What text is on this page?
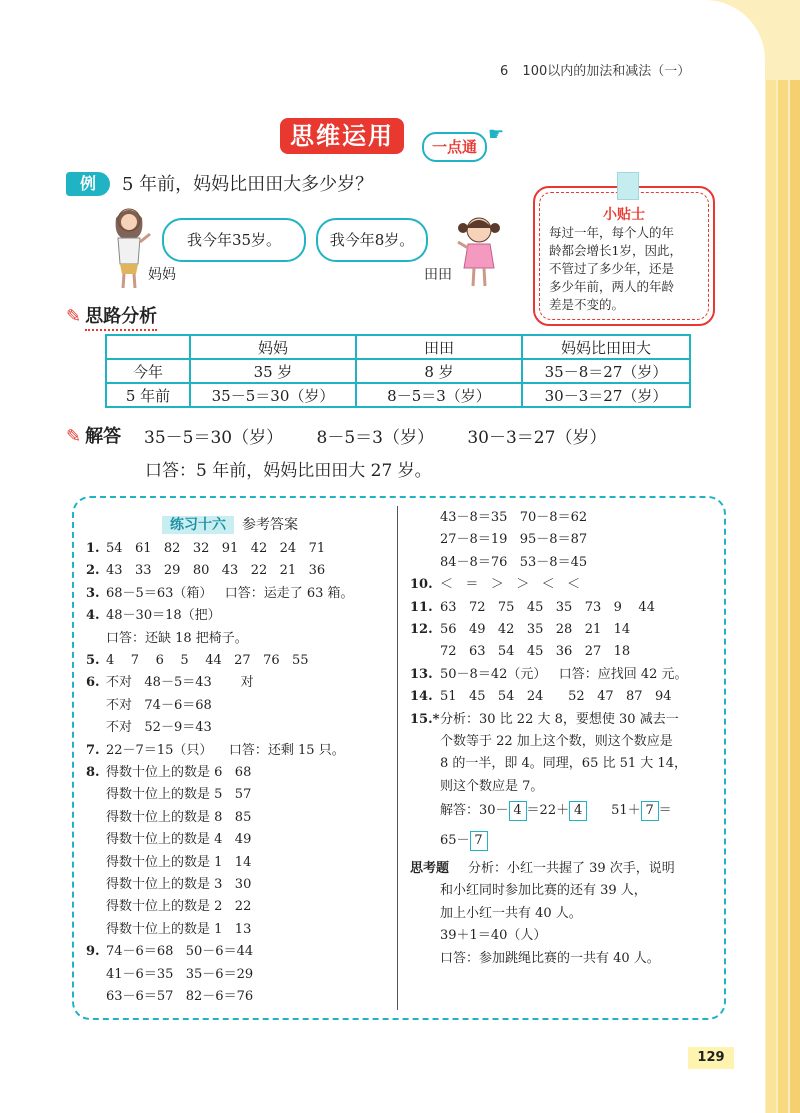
6 100以内的加法和减法（一）
思维运用	一点通
☛
例	5 年前，妈妈比田田大多少岁？
我今年35岁。	我今年8岁。
妈妈	田田
小贴士
每过一年，每个人的年
龄都会增长1岁，因此，
不管过了多少年，还是
多少年前，两人的年龄
差是不变的。
✎ 思路分析
	妈妈	田田	妈妈比田田大
今年	35 岁	8 岁	35－8＝27（岁）
5 年前	35－5＝30（岁）	8－5＝3（岁）	30－3＝27（岁）
✎ 解答 35－5＝30（岁） 8－5＝3（岁） 30－3＝27（岁）
口答：5 年前，妈妈比田田大 27 岁。
练习十六 参考答案
1. 54   61   82   32   91   42   24   71
2. 43   33   29   80   43   22   21   36
3. 68－5＝63（箱）   口答：运走了 63 箱。
4. 48－30＝18（把）
口答：还缺 18 把椅子。
5. 4    7    6    5    44   27   76   55
6. 不对   48－5＝43       对
不对   74－6＝68
不对   52－9＝43
7. 22－7＝15（只）    口答：还剩 15 只。
8. 得数十位上的数是 6   68
得数十位上的数是 5   57
得数十位上的数是 8   85
得数十位上的数是 4   49
得数十位上的数是 1   14
得数十位上的数是 3   30
得数十位上的数是 2   22
得数十位上的数是 1   13
9. 74－6＝68   50－6＝44
41－6＝35   35－6＝29
63－6＝57   82－6＝76
43－8＝35   70－8＝62
27－8＝19   95－8＝87
84－8＝76   53－8＝45
10. ＜   ＝   ＞   ＞   ＜   ＜
11. 63   72   75   45   35   73   9    44
12. 56   49   42   35   28   21   14
72   63   54   45   36   27   18
13. 50－8＝42（元）   口答：应找回 42 元。
14. 51   45   54   24      52   47   87   94
15.*分析：30 比 22 大 8，要想使 30 减去一
个数等于 22 加上这个数，则这个数应是
8 的一半，即 4。同理，65 比 51 大 14，
则这个数应是 7。
解答：30－ 4 ＝22＋ 4 51＋ 7 ＝
65－ 7
思考题 分析：小红一共握了 39 次手，说明
和小红同时参加比赛的还有 39 人，
加上小红一共有 40 人。
39＋1＝40（人）
口答：参加跳绳比赛的一共有 40 人。
129
